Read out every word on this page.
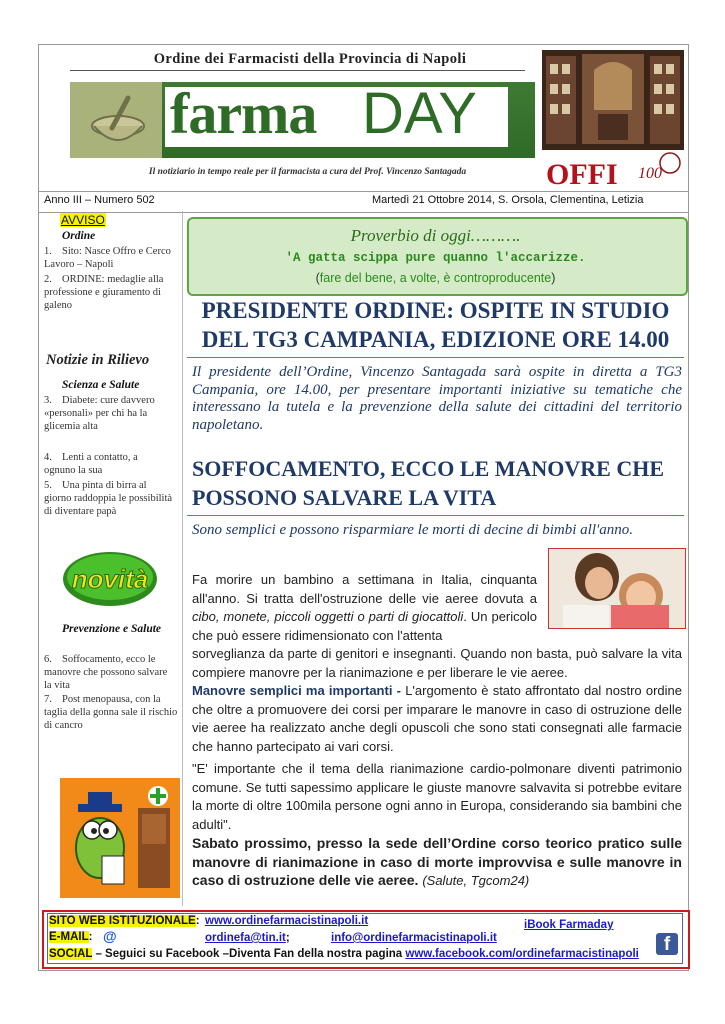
Ordine dei Farmacisti della Provincia di Napoli
farma DAY
Il notiziario in tempo reale per il farmacista a cura del Prof. Vincenzo Santagada	OFFI 100
Anno III – Numero 502	Martedì 21 Ottobre 2014, S. Orsola, Clementina, Letizia
AVVISO
Ordine
1. Sito: Nasce Offro e Cerco Lavoro – Napoli
2. ORDINE: medaglie alla professione e giuramento di galeno
Notizie in Rilievo
Scienza e Salute
3. Diabete: cure davvero «personali» per chi ha la glicemia alta
4. Lenti a contatto, a ognuno la sua
5. Una pinta di birra al giorno raddoppia le possibilità di diventare papà
novità
Prevenzione e Salute
6. Soffocamento, ecco le manovre che possono salvare la vita
7. Post menopausa, con la taglia della gonna sale il rischio di cancro
Proverbio di oggi……….
'A gatta scippa pure quanno l'accarizze.
(fare del bene, a volte, è controproducente)
PRESIDENTE ORDINE: OSPITE IN STUDIO DEL TG3 CAMPANIA, EDIZIONE ORE 14.00
Il presidente dell’Ordine, Vincenzo Santagada sarà ospite in diretta a TG3 Campania, ore 14.00, per presentare importanti iniziative su tematiche che interessano la tutela e la prevenzione della salute dei cittadini del territorio napoletano.
SOFFOCAMENTO, ECCO LE MANOVRE CHE POSSONO SALVARE LA VITA
Sono semplici e possono risparmiare le morti di decine di bimbi all'anno.
Fa morire un bambino a settimana in Italia, cinquanta all'anno. Si tratta dell'ostruzione delle vie aeree dovuta a cibo, monete, piccoli oggetti o parti di giocattoli. Un pericolo che può essere ridimensionato con l'attenta
sorveglianza da parte di genitori e insegnanti. Quando non basta, può salvare la vita compiere manovre per la rianimazione e per liberare le vie aeree.
Manovre semplici ma importanti - L'argomento è stato affrontato dal nostro ordine che oltre a promuovere dei corsi per imparare le manovre in caso di ostruzione delle vie aeree ha realizzato anche degli opuscoli che sono stati consegnati alle farmacie che hanno partecipato ai vari corsi.
"E' importante che il tema della rianimazione cardio-polmonare diventi patrimonio comune. Se tutti sapessimo applicare le giuste manovre salvavita si potrebbe evitare la morte di oltre 100mila persone ogni anno in Europa, considerando sia bambini che adulti".
Sabato prossimo, presso la sede dell’Ordine corso teorico pratico sulle manovre di rianimazione in caso di morte improvvisa e sulle manovre in caso di ostruzione delle vie aeree. (Salute, Tgcom24)
SITO WEB ISTITUZIONALE: www.ordinefarmacistinapoli.it	iBook Farmaday
E-MAIL: @	ordinefa@tin.it;	info@ordinefarmacistinapoli.it
SOCIAL – Seguici su Facebook –Diventa Fan della nostra pagina www.facebook.com/ordinefarmacistinapoli	f
